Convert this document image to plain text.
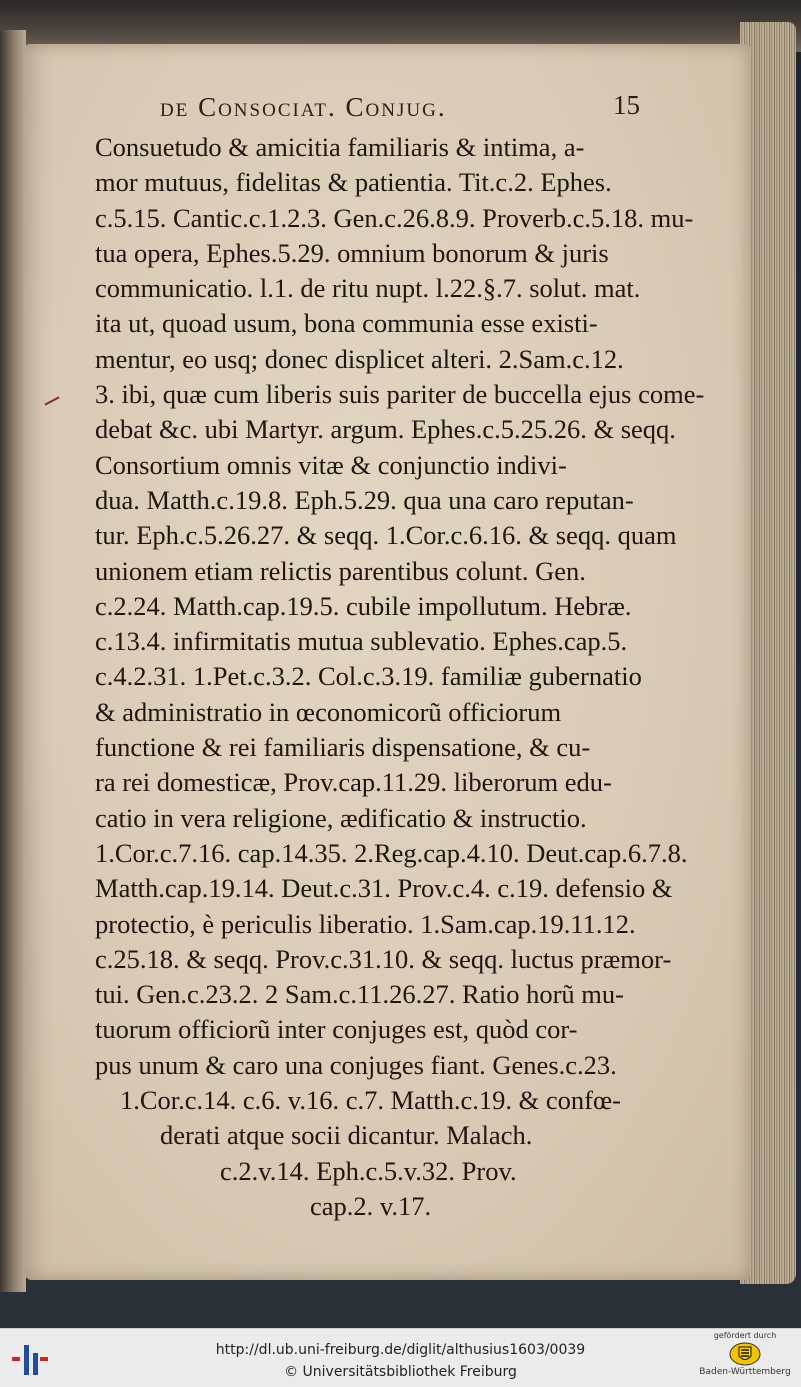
de Consociat. Conjug.	15
Consuetudo & amicitia familiaris & intima, a-
mor mutuus, fidelitas & patientia. Tit.c.2. Ephes.
c.5.15. Cantic.c.1.2.3. Gen.c.26.8.9. Proverb.c.5.18. mu-
tua opera, Ephes.5.29. omnium bonorum & juris
communicatio. l.1. de ritu nupt. l.22.§.7. solut. mat.
ita ut, quoad usum, bona communia esse existi-
mentur, eo usq; donec displicet alteri. 2.Sam.c.12.
3. ibi, quæ cum liberis suis pariter de buccella ejus come-
debat &c. ubi Martyr. argum. Ephes.c.5.25.26. & seqq.
Consortium omnis vitæ & conjunctio indivi-
dua. Matth.c.19.8. Eph.5.29. qua una caro reputan-
tur. Eph.c.5.26.27. & seqq. 1.Cor.c.6.16. & seqq. quam
unionem etiam relictis parentibus colunt. Gen.
c.2.24. Matth.cap.19.5. cubile impollutum. Hebræ.
c.13.4. infirmitatis mutua sublevatio. Ephes.cap.5.
c.4.2.31. 1.Pet.c.3.2. Col.c.3.19. familiæ gubernatio
& administratio in œconomicorũ officiorum
functione & rei familiaris dispensatione, & cu-
ra rei domesticæ, Prov.cap.11.29. liberorum edu-
catio in vera religione, ædificatio & instructio.
1.Cor.c.7.16. cap.14.35. 2.Reg.cap.4.10. Deut.cap.6.7.8.
Matth.cap.19.14. Deut.c.31. Prov.c.4. c.19. defensio &
protectio, è periculis liberatio. 1.Sam.cap.19.11.12.
c.25.18. & seqq. Prov.c.31.10. & seqq. luctus præmor-
tui. Gen.c.23.2. 2 Sam.c.11.26.27. Ratio horũ mu-
tuorum officiorũ inter conjuges est, quòd cor-
pus unum & caro una conjuges fiant. Genes.c.23.
1.Cor.c.14. c.6. v.16. c.7. Matth.c.19. & confœ-
derati atque socii dicantur. Malach.
c.2.v.14. Eph.c.5.v.32. Prov.
cap.2. v.17.
http://dl.ub.uni-freiburg.de/diglit/althusius1603/0039
© Universitätsbibliothek Freiburg
gefördert durch
Baden-Württemberg
